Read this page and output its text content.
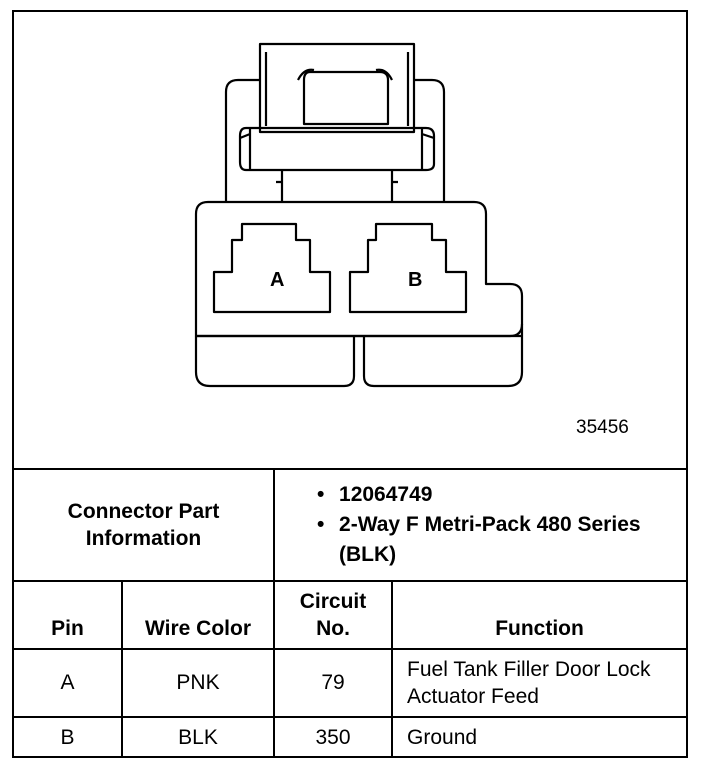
A	B
35456
Connector Part Information		• 12064749
• 2-Way F Metri-Pack 480 Series (BLK)	

Pin	Wire Color	Circuit No.	Function
A	PNK	79	Fuel Tank Filler Door Lock Actuator Feed
B	BLK	350	Ground
